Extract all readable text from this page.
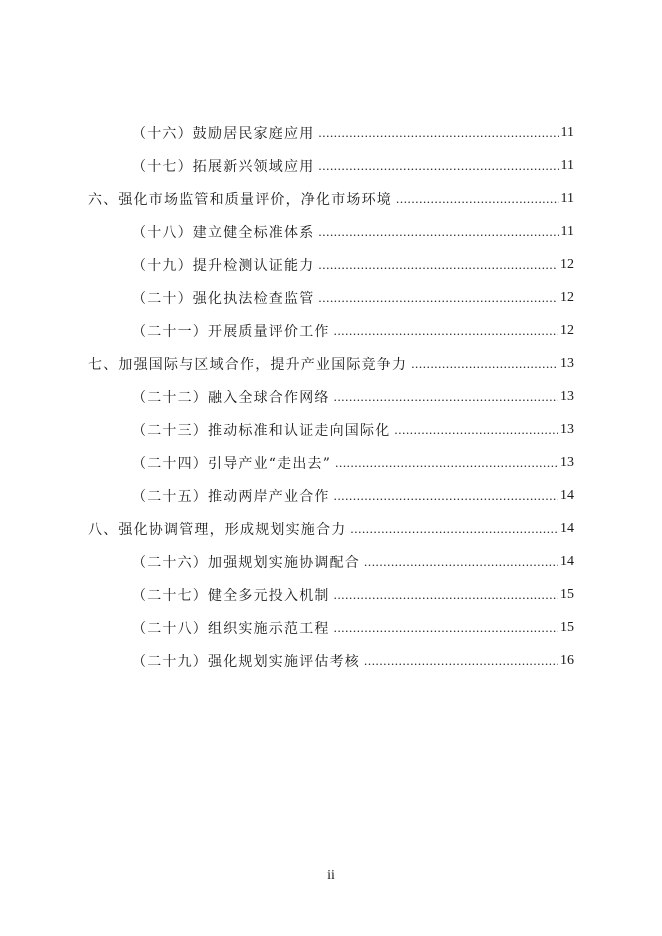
（十六）鼓励居民家庭应用 .....	11
（十七）拓展新兴领域应用 .....	11
六、强化市场监管和质量评价，净化市场环境 .....	11
（十八）建立健全标准体系 .....	11
（十九）提升检测认证能力 .....	12
（二十）强化执法检查监管 .....	12
（二十一）开展质量评价工作 .....	12
七、加强国际与区域合作，提升产业国际竞争力 .....	13
（二十二）融入全球合作网络 .....	13
（二十三）推动标准和认证走向国际化 .....	13
（二十四）引导产业“走出去” .....	13
（二十五）推动两岸产业合作 .....	14
八、强化协调管理，形成规划实施合力 .....	14
（二十六）加强规划实施协调配合 .....	14
（二十七）健全多元投入机制 .....	15
（二十八）组织实施示范工程 .....	15
（二十九）强化规划实施评估考核 .....	16
ii
